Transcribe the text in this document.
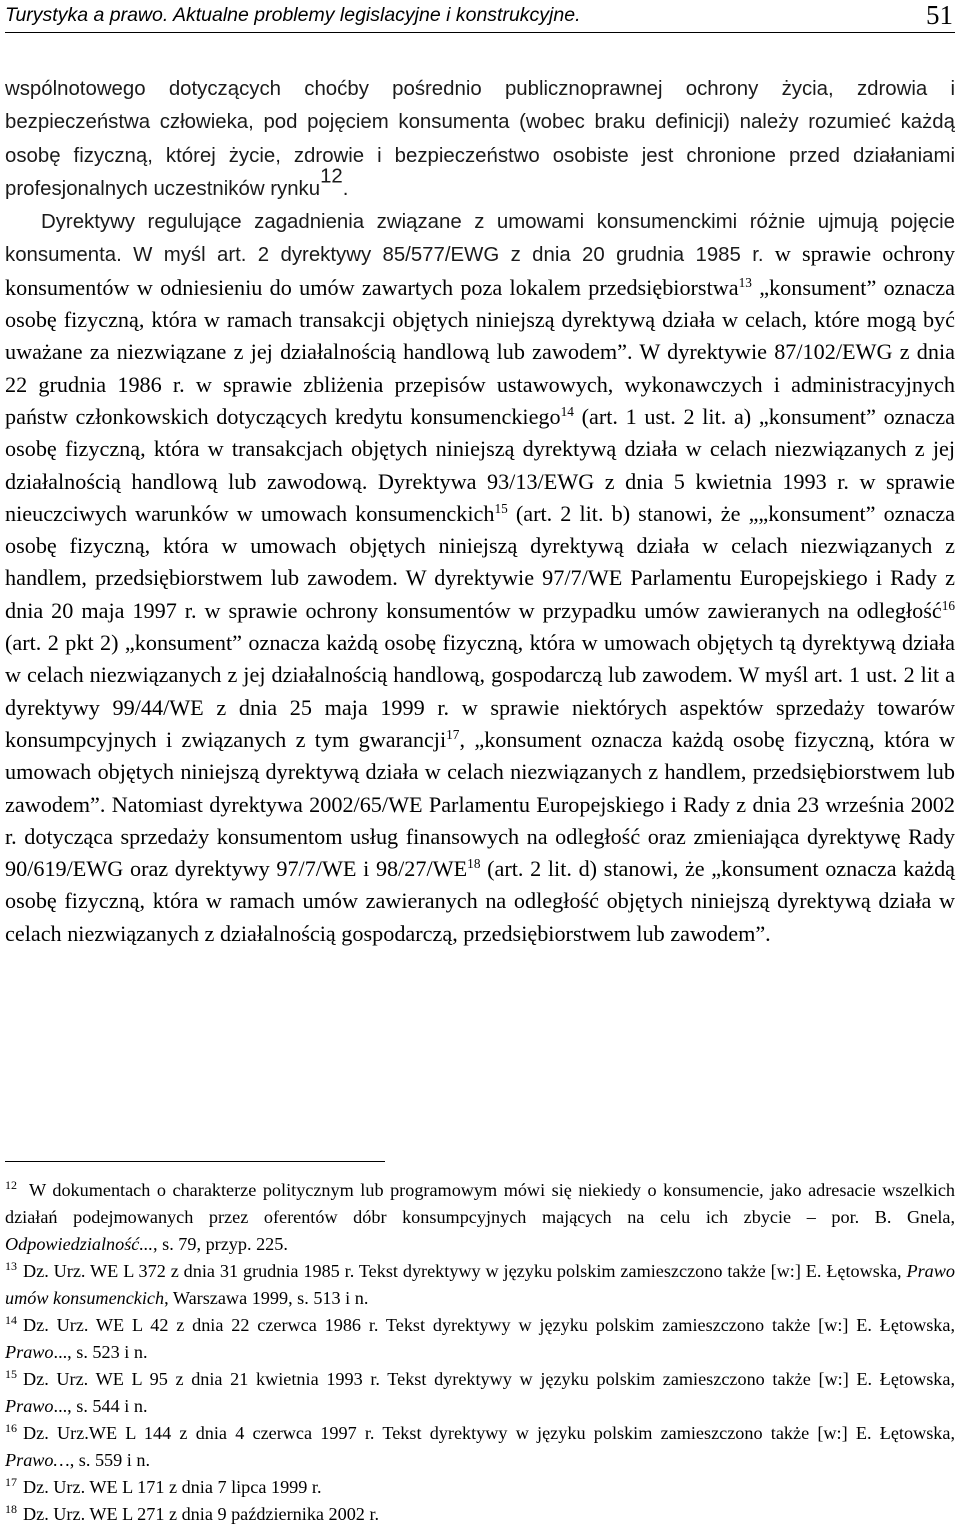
Turystyka a prawo. Aktualne problemy legislacyjne i konstrukcyjne.	51

wspólnotowego dotyczących choćby pośrednio publicznoprawnej ochrony życia, zdrowia i bezpieczeństwa człowieka, pod pojęciem konsumenta (wobec braku definicji) należy rozumieć każdą osobę fizyczną, której życie, zdrowie i bezpieczeństwo osobiste jest chronione przed działaniami profesjonalnych uczestników rynku$^{12}$.

Dyrektywy regulujące zagadnienia związane z umowami konsumenckimi różnie ujmują pojęcie konsumenta. W myśl art. 2 dyrektywy 85/577/EWG z dnia 20 grudnia 1985 r. w sprawie ochrony konsumentów w odniesieniu do umów zawartych poza lokalem przedsiębiorstwa$^{13}$ „konsument” oznacza osobę fizyczną, która w ramach transakcji objętych niniejszą dyrektywą działa w celach, które mogą być uważane za niezwiązane z jej działalnością handlową lub zawodem”. W dyrektywie 87/102/EWG z dnia 22 grudnia 1986 r. w sprawie zbliżenia przepisów ustawowych, wykonawczych i administracyjnych państw członkowskich dotyczących kredytu konsumenckiego$^{14}$ (art. 1 ust. 2 lit. a) „konsument” oznacza osobę fizyczną, która w transakcjach objętych niniejszą dyrektywą działa w celach niezwiązanych z jej działalnością handlową lub zawodową. Dyrektywa 93/13/EWG z dnia 5 kwietnia 1993 r. w sprawie nieuczciwych warunków w umowach konsumenckich$^{15}$ (art. 2 lit. b) stanowi, że „„konsument” oznacza osobę fizyczną, która w umowach objętych niniejszą dyrektywą działa w celach niezwiązanych z handlem, przedsiębiorstwem lub zawodem. W dyrektywie 97/7/WE Parlamentu Europejskiego i Rady z dnia 20 maja 1997 r. w sprawie ochrony konsumentów w przypadku umów zawieranych na odległość$^{16}$ (art. 2 pkt 2) „konsument” oznacza każdą osobę fizyczną, która w umowach objętych tą dyrektywą działa w celach niezwiązanych z jej działalnością handlową, gospodarczą lub zawodem. W myśl art. 1 ust. 2 lit a dyrektywy 99/44/WE z dnia 25 maja 1999 r. w sprawie niektórych aspektów sprzedaży towarów konsumpcyjnych i związanych z tym gwarancji$^{17}$, „konsument oznacza każdą osobę fizyczną, która w umowach objętych niniejszą dyrektywą działa w celach niezwiązanych z handlem, przedsiębiorstwem lub zawodem”. Natomiast dyrektywa 2002/65/WE Parlamentu Europejskiego i Rady z dnia 23 września 2002 r. dotycząca sprzedaży konsumentom usług finansowych na odległość oraz zmieniająca dyrektywę Rady 90/619/EWG oraz dyrektywy 97/7/WE i 98/27/WE$^{18}$ (art. 2 lit. d) stanowi, że „konsument oznacza każdą osobę fizyczną, która w ramach umów zawieranych na odległość objętych niniejszą dyrektywą działa w celach niezwiązanych z działalnością gospodarczą, przedsiębiorstwem lub zawodem”.

$^{12}$ W dokumentach o charakterze politycznym lub programowym mówi się niekiedy o konsumencie, jako adresacie wszelkich działań podejmowanych przez oferentów dóbr konsumpcyjnych mających na celu ich zbycie – por. B. Gnela, Odpowiedzialność..., s. 79, przyp. 225.

$^{13}$ Dz. Urz. WE L 372 z dnia 31 grudnia 1985 r. Tekst dyrektywy w języku polskim zamieszczono także [w:] E. Łętowska, Prawo umów konsumenckich, Warszawa 1999, s. 513 i n.

$^{14}$ Dz. Urz. WE L 42 z dnia 22 czerwca 1986 r. Tekst dyrektywy w języku polskim zamieszczono także [w:] E. Łętowska, Prawo..., s. 523 i n.

$^{15}$ Dz. Urz. WE L 95 z dnia 21 kwietnia 1993 r. Tekst dyrektywy w języku polskim zamieszczono także [w:] E. Łętowska, Prawo..., s. 544 i n.

$^{16}$ Dz. Urz.WE L 144 z dnia 4 czerwca 1997 r. Tekst dyrektywy w języku polskim zamieszczono także [w:] E. Łętowska, Prawo…, s. 559 i n.

$^{17}$ Dz. Urz. WE L 171 z dnia 7 lipca 1999 r.

$^{18}$ Dz. Urz. WE L 271 z dnia 9 października 2002 r.
